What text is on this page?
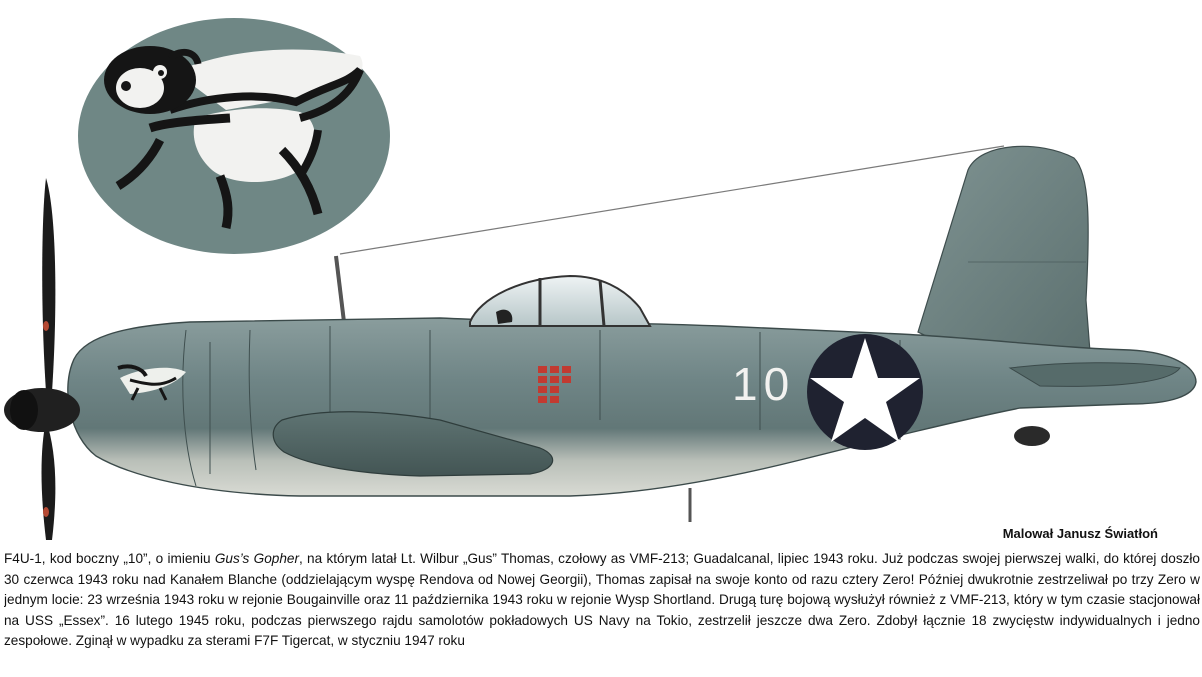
10
Malował Janusz Światłoń
F4U-1, kod boczny „10”, o imieniu Gus’s Gopher, na którym latał Lt. Wilbur „Gus” Thomas, czołowy as VMF-213; Guadalcanal, lipiec 1943 roku. Już podczas swojej pierwszej walki, do której doszło 30 czerwca 1943 roku nad Kanałem Blanche (oddzielającym wyspę Rendova od Nowej Georgii), Thomas zapisał na swoje konto od razu cztery Zero! Później dwukrotnie zestrzeliwał po trzy Zero w jednym locie: 23 września 1943 roku w rejonie Bougainville oraz 11 października 1943 roku w rejonie Wysp Shortland. Drugą turę bojową wysłużył również z VMF-213, który w tym czasie stacjonował na USS „Essex”. 16 lutego 1945 roku, podczas pierwszego rajdu samolotów pokładowych US Navy na Tokio, zestrzelił jeszcze dwa Zero. Zdobył łącznie 18 zwycięstw indywidualnych i jedno zespołowe. Zginął w wypadku za sterami F7F Tigercat, w styczniu 1947 roku
